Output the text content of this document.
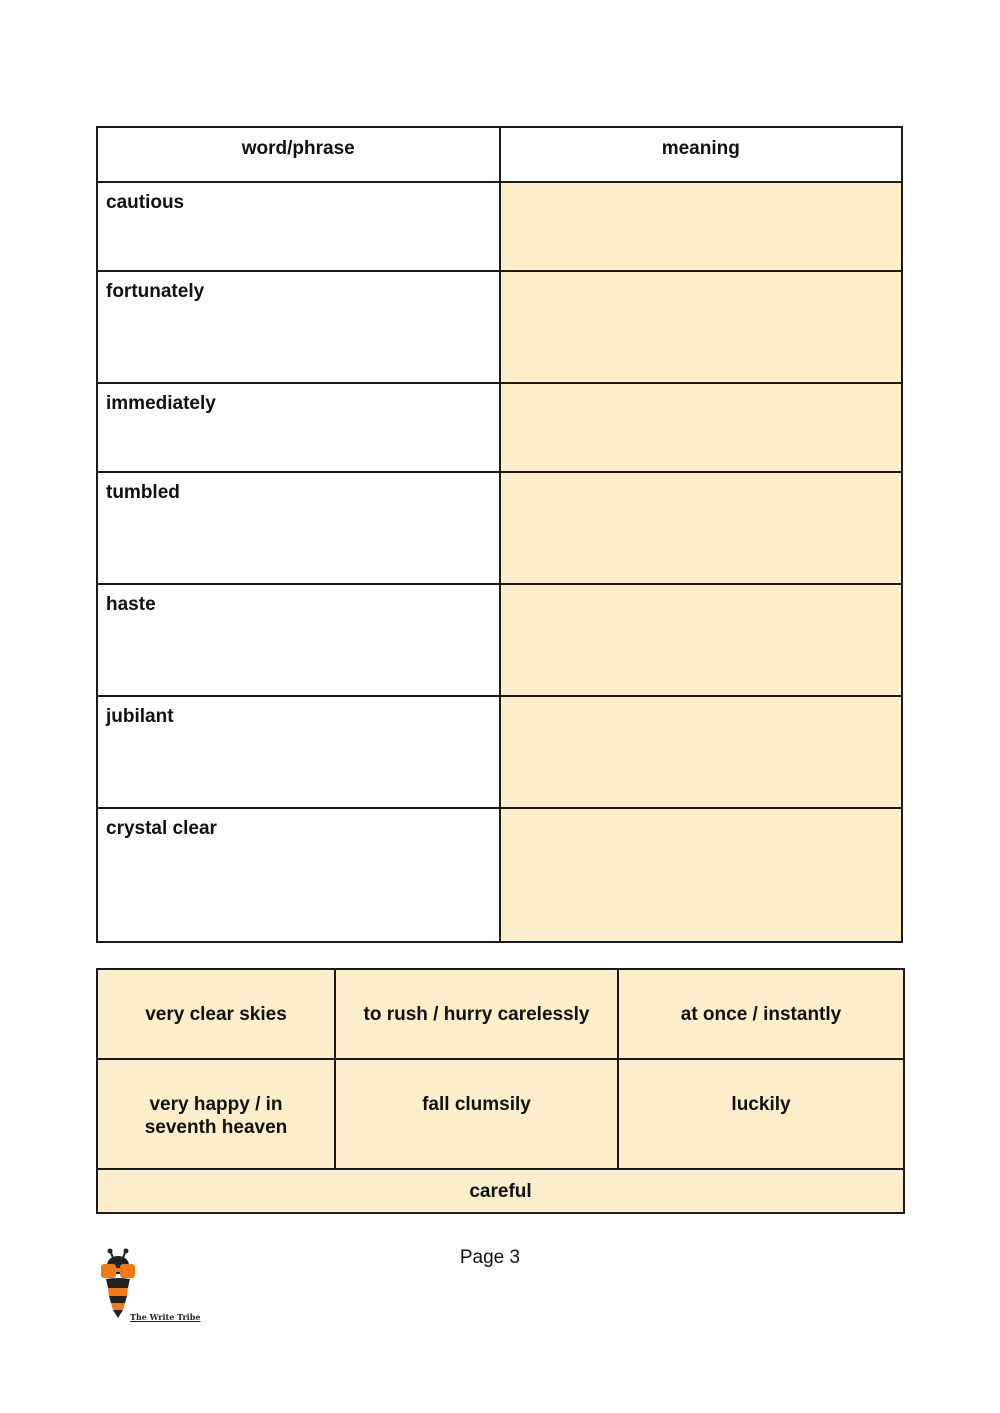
word/phrase	meaning
cautious	
fortunately	
immediately	
tumbled	
haste	
jubilant	
crystal clear	
very clear skies	to rush / hurry carelessly	at once / instantly
very happy / in seventh heaven	fall clumsily	luckily
careful		
Page 3
The Write Tribe
